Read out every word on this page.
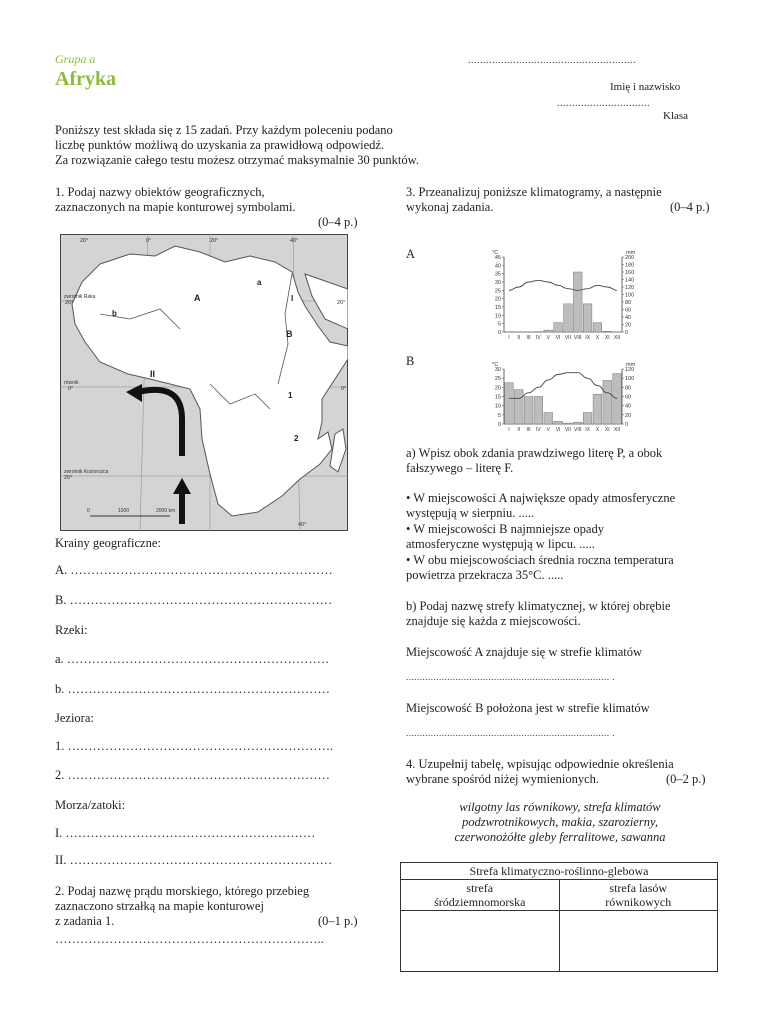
Grupa a
Afryka
........................................................
Imię i nazwisko
...............................
Klasa
Poniższy test składa się z 15 zadań. Przy każdym poleceniu podano
liczbę punktów możliwą do uzyskania za prawidłową odpowiedź.
Za rozwiązanie całego testu możesz otrzymać maksymalnie 30 punktów.
1. Podaj nazwy obiektów geograficznych,
zaznaczonych na mapie konturowej symbolami.
(0–4 p.)
zwrotnik Raka
równik
zwrotnik Koziorożca
20°	20°
0°	0°
20°
20°	0°	20°	40°
40°
a
b
A	I
B
II
1
2
0	1000	2000 km
Krainy geograficzne:
A. ………………………………………………………
B. ………………………………………………………
Rzeki:
a. ………………………………………………………
b. ………………………………………………………
Jeziora:
1. ……………………………………………………….
2. ………………………………………………………
Morza/zatoki:
I. ……………………………………………………
II. ………………………………………………………
2. Podaj nazwę prądu morskiego, którego przebieg
zaznaczono strzałką na mapie konturowej
z zadania 1.	(0–1 p.)
………………………………………………………..
3. Przeanalizuj poniższe klimatogramy, a następnie
wykonaj zadania.	(0–4 p.)
A
B
°C	mm
0
5
10
15
20
25
30
35
40
45
0
20
40
60
80
100
120
140
160
180
200
I II III IV V VI VII VIII IX X XI XII
°C	mm
0
5
10
15
20
25
30
0
20
40
60
80
100
120
I II III IV V VI VII VIII IX X XI XII
a) Wpisz obok zdania prawdziwego literę P, a obok
fałszywego – literę F.
• W miejscowości A największe opady atmosferyczne
występują w sierpniu. .....
• W miejscowości B najmniejsze opady
atmosferyczne występują w lipcu. .....
• W obu miejscowościach średnia roczna temperatura
powietrza przekracza 35°C. .....
b) Podaj nazwę strefy klimatycznej, w której obrębie
znajduje się każda z miejscowości.
Miejscowość A znajduje się w strefie klimatów
.......................................................................... .
Miejscowość B położona jest w strefie klimatów
.......................................................................... .
4. Uzupełnij tabelę, wpisując odpowiednie określenia
wybrane spośród niżej wymienionych.	(0–2 p.)
wilgotny las równikowy, strefa klimatów
podzwrotnikowych, makia, szarozierny,
czerwonożółte gleby ferralitowe, sawanna
Strefa klimatyczno-roślinno-glebowa	
strefa
śródziemnomorska	strefa lasów
równikowych
